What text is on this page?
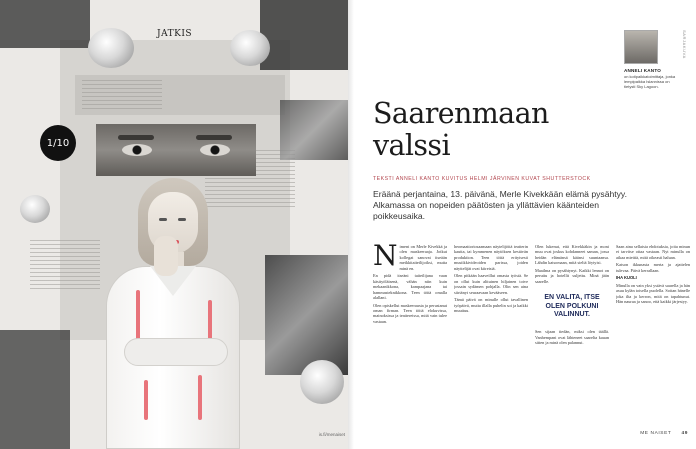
JATKIS
1/10
ANNELI KANTO
on kotipaikkatoimittaja, jonka lempipaikka Islannissa on tietysti Sky Lagoon.
SARJAKUVA
Saarenmaan
valssi
TEKSTI ANNELI KANTO KUVITUS HELMI JÄRVINEN KUVAT SHUTTERSTOCK

Eräänä perjantaina, 13. päivänä, Merle Kivekkään elämä pysähtyy. Alkamassa on nopeiden päätösten ja yllättävien käänteiden poikkeusaika.

N imeni on Merle Kivekkä ja olen maskeeraaja. Jotkut kollegat sanovat itseään meikkitaiteilijoiksi, mutta minä en.

En pidä itseäni taiteilijana vaan käsityöläisenä, vähän niin kuin mekaanikkona, kampaajana tai hammasteknikkona. Teen töitä omalla alallani.

Olen opiskellut maskeerausta ja perustanut oman firman. Teen töitä elokuvissa, mainoksissa ja teattereissa, mitä vain tulee vastaan.

heomaattoriosaamaan näytelijöitä teatterin kautta, tai kymmenen näytöksen kestävän produktion. Teen töitä erityisesti musiikkivideoiden parissa, joiden näyttelijät ovat kiireisiä.

Olen pitkään haaveillut omasta työstä. Se on ollut kuin alituinen hiljainen toive jossain sydämen pohjalla. Olin sen aina siirtänyt seuraavaan kevääseen.

Tämä päivä on minulle ollut tavallinen työpäivä, mutta illalla puhelin soi ja kaikki muuttuu.

Olen lukenut, että Kivekkäkin ja moni muu ovat joskus kohdanneet saman, jossa heidän elämänsä käänsi suuntaansa. Lähdin katsomaan, mitä sieltä löytyisi.

Maailma on pysähtynyt. Kaikki lennot on peruttu ja hotellit suljettu. Minä jään saarelle.

EN VALITA, ITSE OLEN POLKUNI VALINNUT.

Sen sijaan tiedän, miksi olen täällä. Vanhempani ovat lähteneet saarelta kauan sitten ja minä olen palannut.

Saan aina sellaisia ehdotuksia, joita minun ei tarvitse ottaa vastaan. Nyt minulla on aikaa miettiä, mitä oikeasti haluan.

Katson ikkunasta merta ja ajattelen tulevaa. Päivä kerrallaan.

IHA KUOLI

Minulla on vain yksi ystävä saarella ja hän asuu kylän toisella puolella. Soitan hänelle joka ilta ja kerron, mitä on tapahtunut. Hän nauraa ja sanoo, että kaikki järjestyy.

ME NAISET 49
is.fi/menaiset
